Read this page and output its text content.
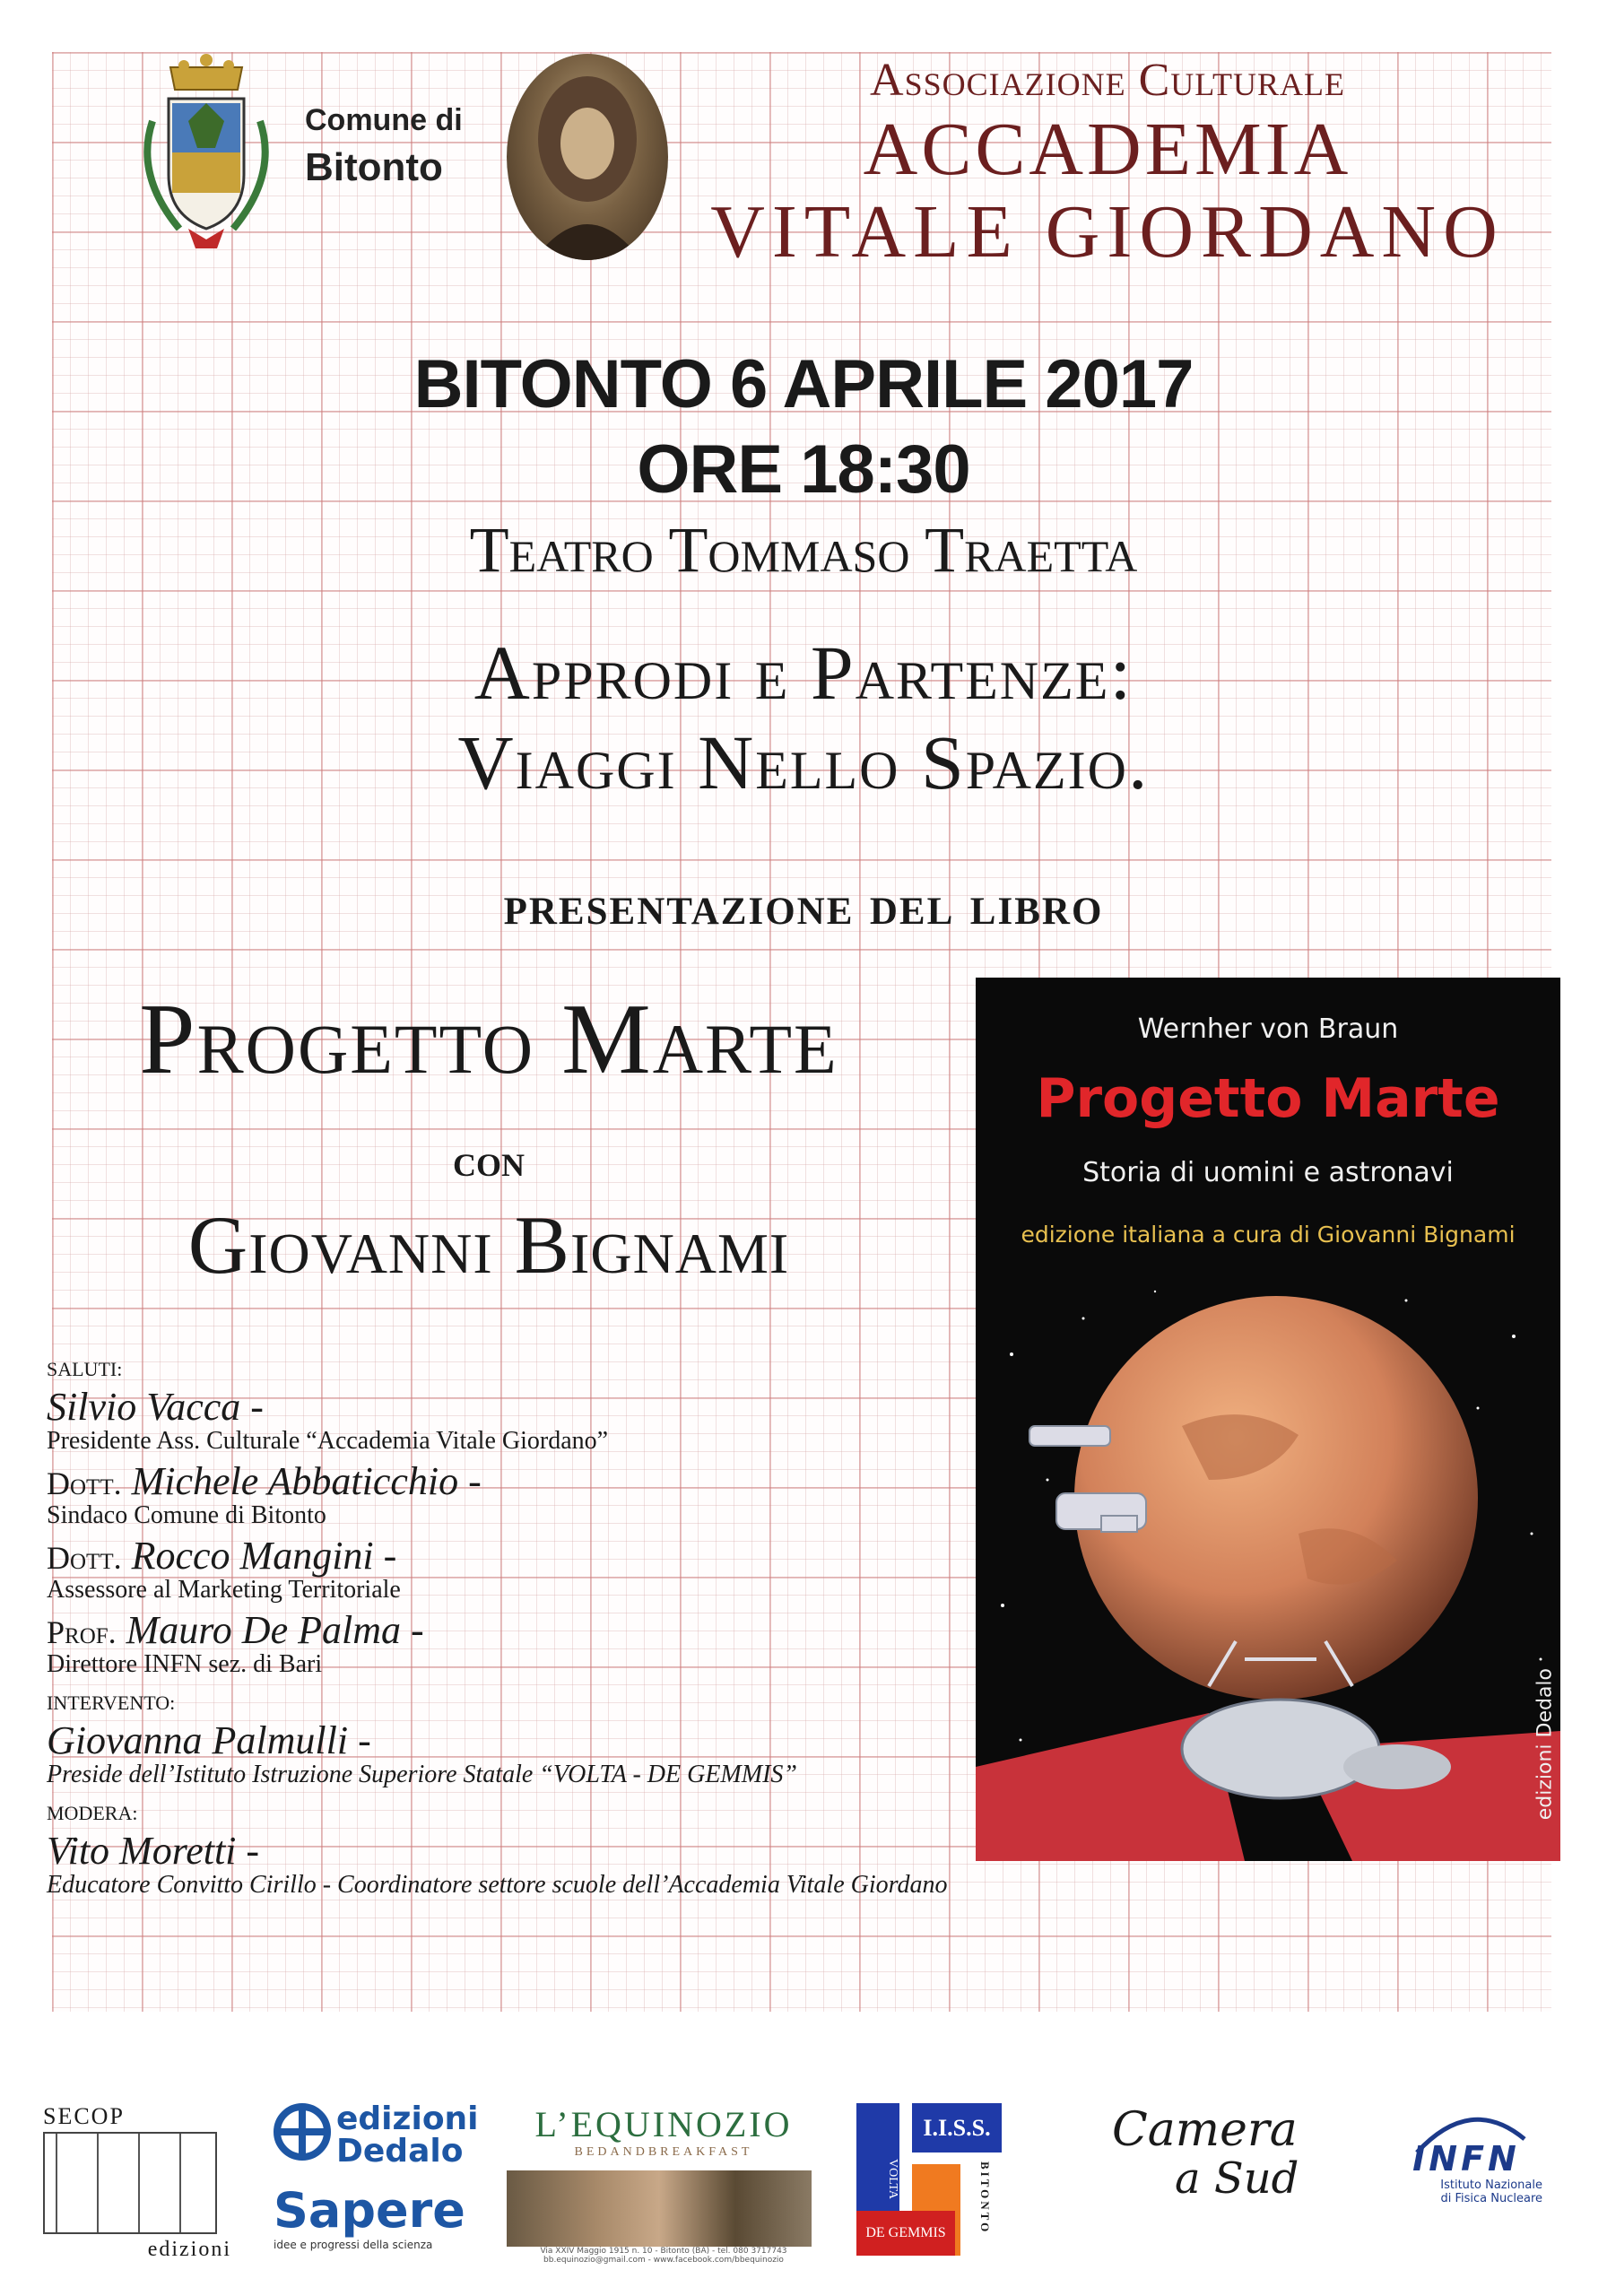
Comune di
Bitonto
Associazione Culturale
ACCADEMIA
VITALE GIORDANO
BITONTO 6 APRILE 2017
ORE 18:30
Teatro Tommaso Traetta
Approdi e Partenze:
Viaggi Nello Spazio.
presentazione del libro
Progetto Marte
con
Giovanni Bignami
Wernher von Braun
Progetto Marte
Storia di uomini e astronavi
edizione italiana a cura di Giovanni Bignami
edizioni Dedalo
SALUTI:
Silvio Vacca -
Presidente Ass. Culturale “Accademia Vitale Giordano”
Dott. Michele Abbaticchio -
Sindaco Comune di Bitonto
Dott. Rocco Mangini -
Assessore al Marketing Territoriale
Prof. Mauro De Palma -
Direttore INFN sez. di Bari
INTERVENTO:
Giovanna Palmulli -
Preside dell’Istituto Istruzione Superiore Statale “VOLTA - DE GEMMIS”
MODERA:
Vito Moretti -
Educatore Convitto Cirillo - Coordinatore settore scuole dell’Accademia Vitale Giordano
SECOP
edizioni
edizioni
Dedalo
Sapere
idee e progressi della scienza
L’EQUINOZIO
BEDANDBREAKFAST
Via XXIV Maggio 1915 n. 10 - Bitonto (BA) - tel. 080 3717743
bb.equinozio@gmail.com - www.facebook.com/bbequinozio
VOLTA
I.I.S.S.
DE GEMMIS	BITONTO
Camera
a Sud	INFN
Istituto Nazionale
di Fisica Nucleare
